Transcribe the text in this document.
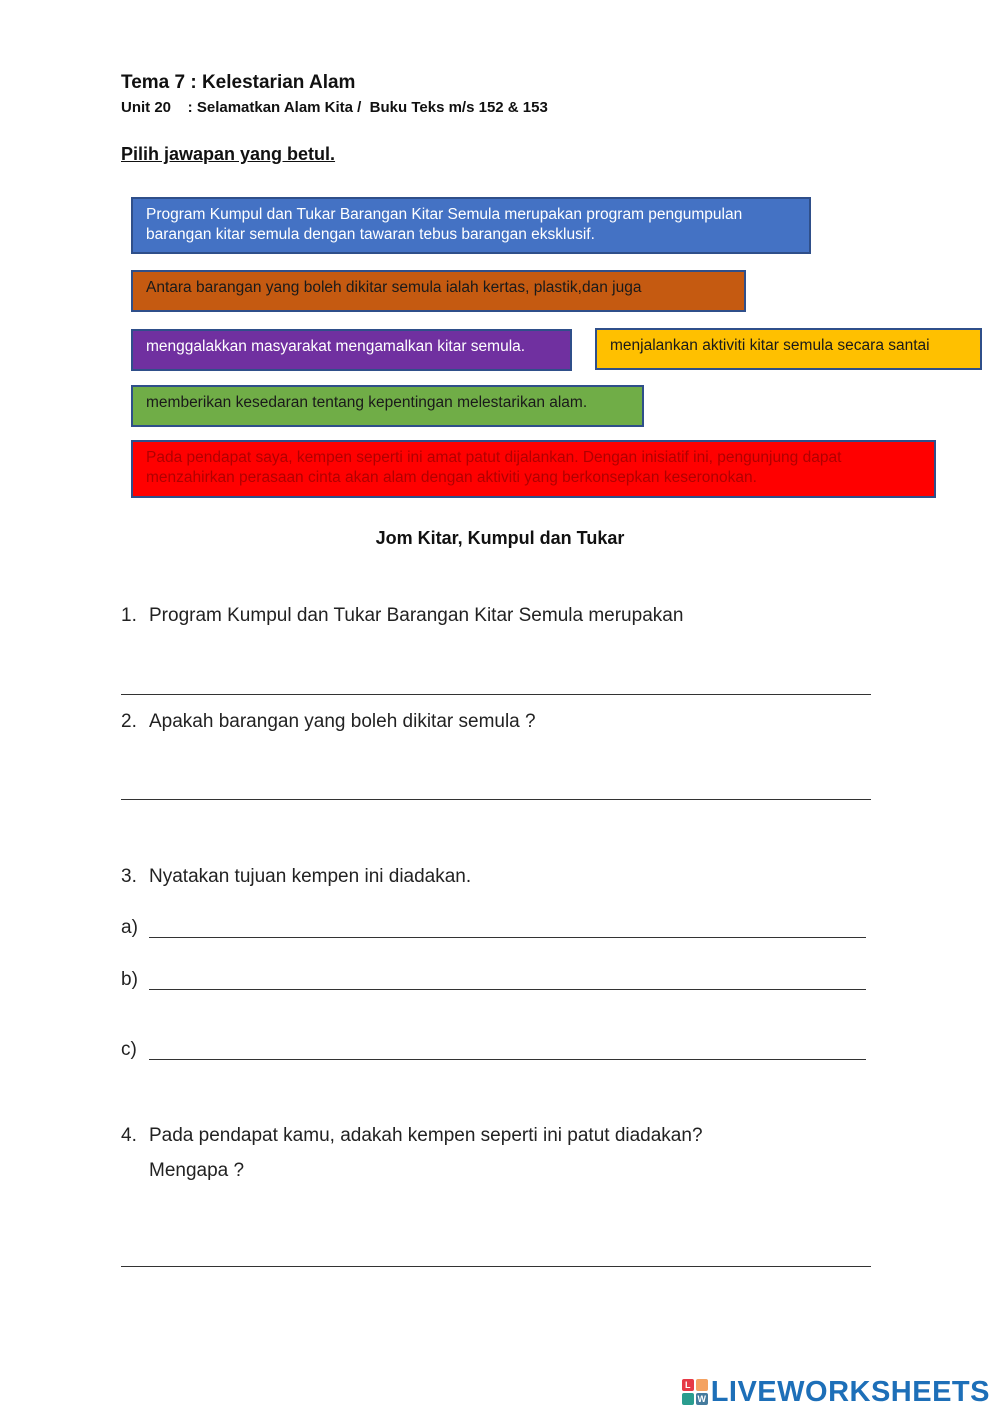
Tema 7 : Kelestarian Alam
Unit 20    : Selamatkan Alam Kita /  Buku Teks m/s 152 & 153
Pilih jawapan yang betul.
Program Kumpul dan Tukar Barangan Kitar Semula merupakan program pengumpulan barangan kitar semula dengan tawaran tebus barangan eksklusif.
Antara barangan yang boleh dikitar semula ialah kertas, plastik,dan juga
menggalakkan masyarakat mengamalkan kitar semula.	menjalankan aktiviti kitar semula secara santai
memberikan kesedaran tentang kepentingan melestarikan alam.
Pada pendapat saya, kempen seperti ini amat patut dijalankan. Dengan inisiatif ini, pengunjung dapat menzahirkan perasaan cinta akan alam dengan aktiviti yang berkonsepkan keseronokan.
Jom Kitar, Kumpul dan Tukar
1. Program Kumpul dan Tukar Barangan Kitar Semula merupakan
2. Apakah barangan yang boleh dikitar semula ?
3. Nyatakan tujuan kempen ini diadakan.
a)
b)
c)
4. Pada pendapat kamu, adakah kempen seperti ini patut diadakan?
Mengapa ?
L
W LIVEWORKSHEETS
